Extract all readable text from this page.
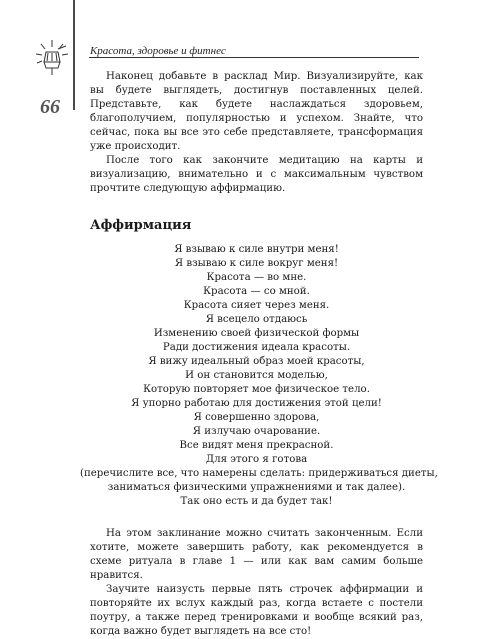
Красота, здоровье и фитнес
66

Наконец добавьте в расклад Мир. Визуализируйте, как вы будете выглядеть, достигнув поставленных целей. Представьте, как будете наслаждаться здоровьем, благополучием, популярностью и успехом. Знайте, что сейчас, пока вы все это себе представляете, трансформация уже происходит.

После того как закончите медитацию на карты и визуализацию, внимательно и с максимальным чувством прочтите следующую аффирмацию.

Аффирмация
Я взываю к силе внутри меня!
Я взываю к силе вокруг меня!
Красота — во мне.
Красота — со мной.
Красота сияет через меня.
Я всецело отдаюсь
Изменению своей физической формы
Ради достижения идеала красоты.
Я вижу идеальный образ моей красоты,
И он становится моделью,
Которую повторяет мое физическое тело.
Я упорно работаю для достижения этой цели!
Я совершенно здорова,
Я излучаю очарование.
Все видят меня прекрасной.
Для этого я готова
(перечислите все, что намерены сделать: придерживаться диеты,
заниматься физическими упражнениями и так далее).
Так оно есть и да будет так!

На этом заклинание можно считать законченным. Если хотите, можете завершить работу, как рекомендуется в схеме ритуала в главе 1 — или как вам самим больше нравится.

Заучите наизусть первые пять строчек аффирмации и повторяйте их вслух каждый раз, когда встаете с постели поутру, а также перед тренировками и вообще всякий раз, когда важно будет выглядеть на все сто!
